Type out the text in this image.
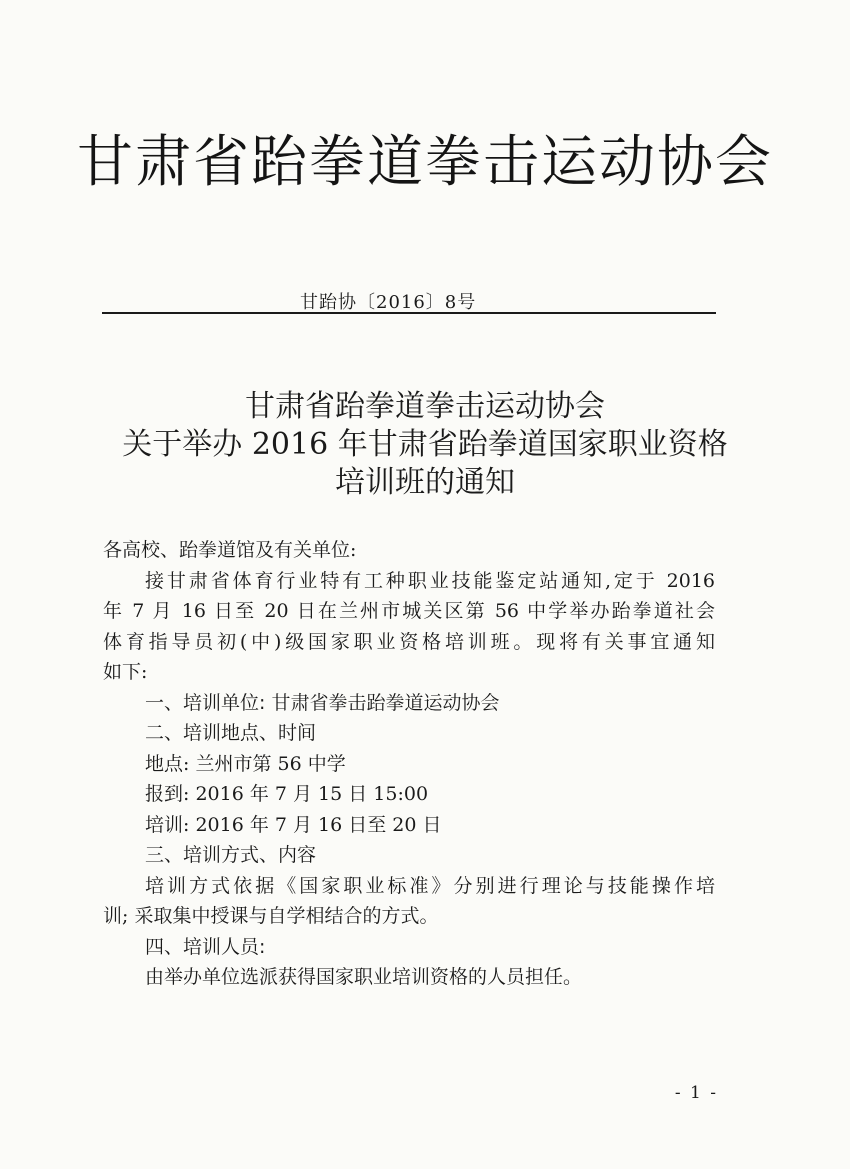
甘肃省跆拳道拳击运动协会
甘跆协〔2016〕8号
甘肃省跆拳道拳击运动协会
关于举办 2016 年甘肃省跆拳道国家职业资格
培训班的通知

各高校、跆拳道馆及有关单位:

接甘肃省体育行业特有工种职业技能鉴定站通知,定于 2016

年 7 月 16 日至 20 日在兰州市城关区第 56 中学举办跆拳道社会

体育指导员初(中)级国家职业资格培训班。现将有关事宜通知

如下:

一、培训单位: 甘肃省拳击跆拳道运动协会

二、培训地点、时间

地点: 兰州市第 56 中学

报到: 2016 年 7 月 15 日 15:00

培训: 2016 年 7 月 16 日至 20 日

三、培训方式、内容

培训方式依据《国家职业标准》分别进行理论与技能操作培

训; 采取集中授课与自学相结合的方式。

四、培训人员:

由举办单位选派获得国家职业培训资格的人员担任。

- 1 -
